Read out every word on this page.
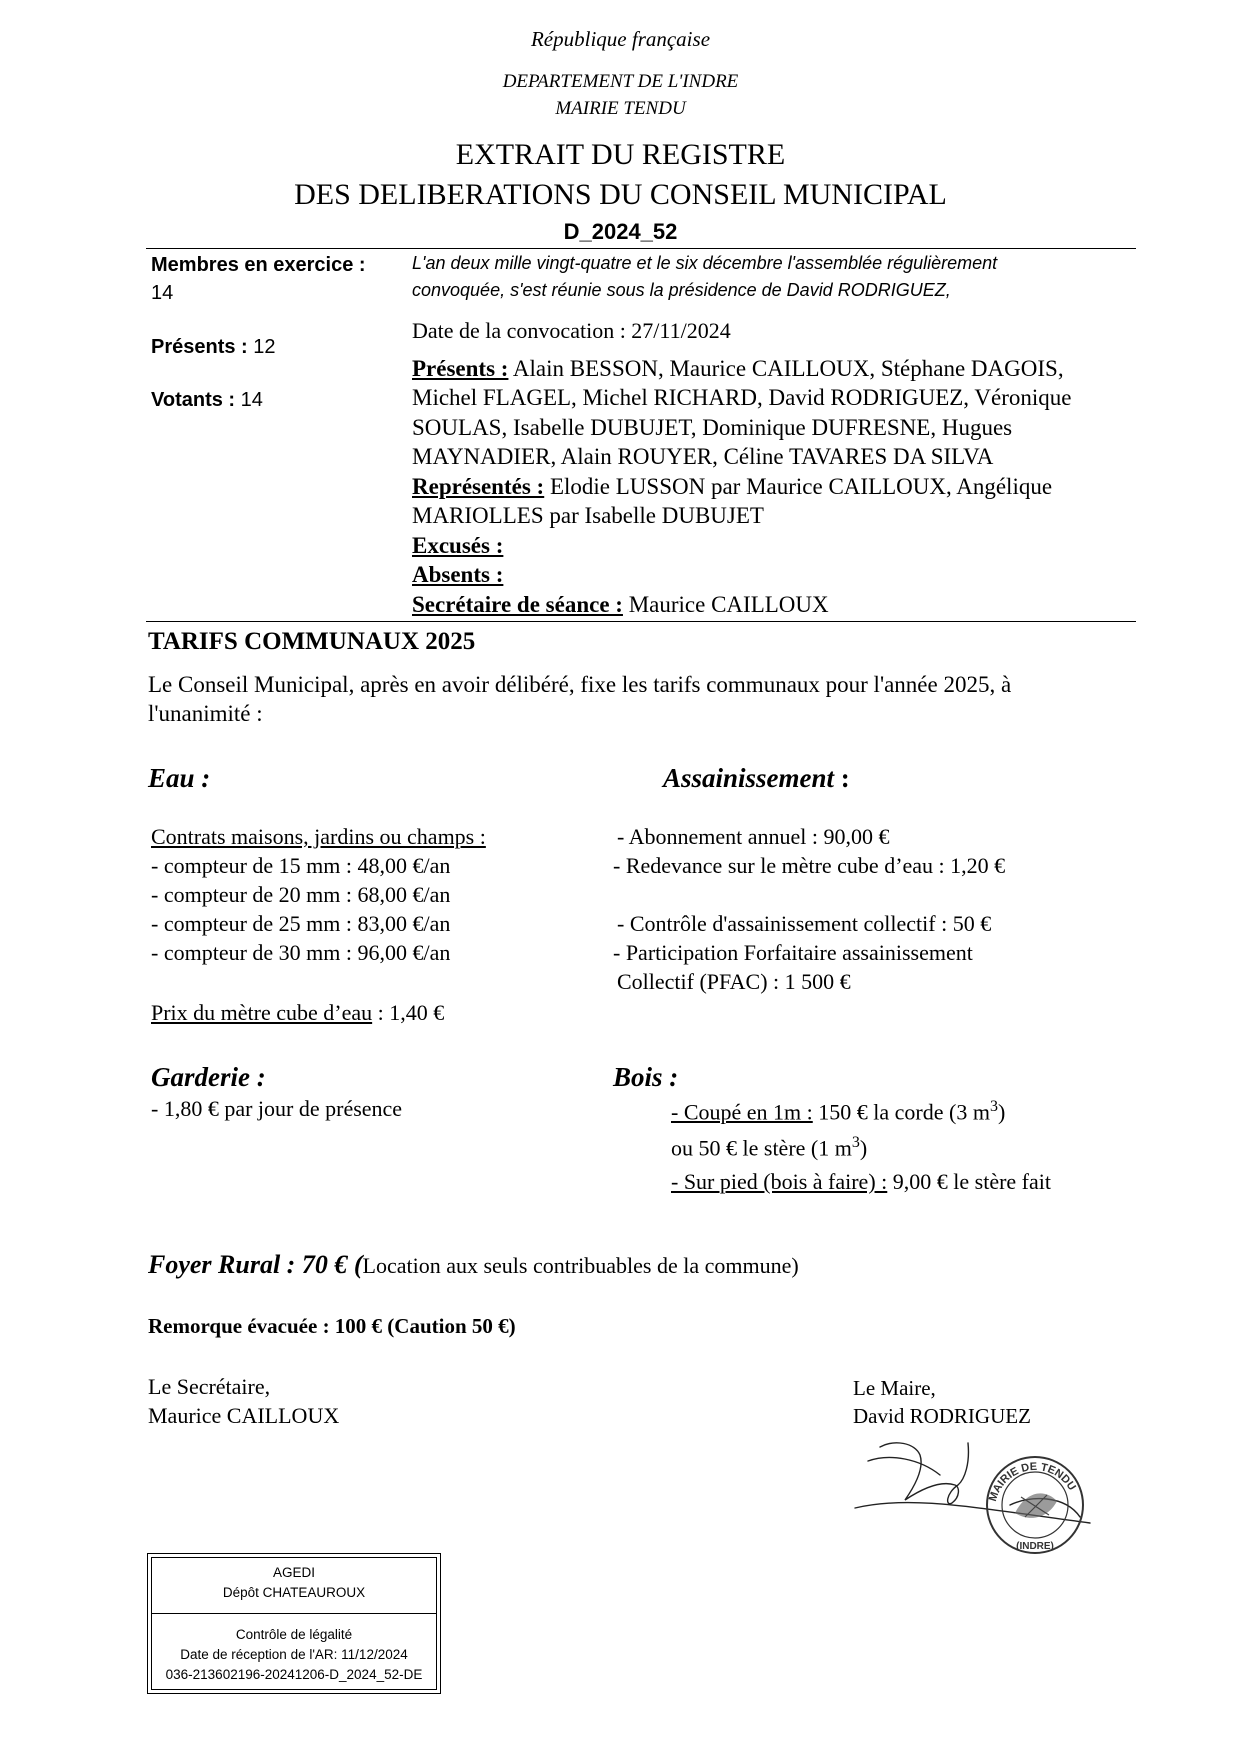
République française
DEPARTEMENT DE L'INDRE
MAIRIE TENDU
EXTRAIT DU REGISTRE
DES DELIBERATIONS DU CONSEIL MUNICIPAL
D_2024_52
Membres en exercice :
14
Présents : 12
Votants : 14
L'an deux mille vingt-quatre et le six décembre l'assemblée régulièrement
convoquée, s'est réunie sous la présidence de David RODRIGUEZ,
Date de la convocation : 27/11/2024
Présents : Alain BESSON, Maurice CAILLOUX, Stéphane DAGOIS,
Michel FLAGEL, Michel RICHARD, David RODRIGUEZ, Véronique
SOULAS, Isabelle DUBUJET, Dominique DUFRESNE, Hugues
MAYNADIER, Alain ROUYER, Céline TAVARES DA SILVA
Représentés : Elodie LUSSON par Maurice CAILLOUX, Angélique
MARIOLLES par Isabelle DUBUJET
Excusés :
Absents :
Secrétaire de séance : Maurice CAILLOUX
TARIFS COMMUNAUX 2025
Le Conseil Municipal, après en avoir délibéré, fixe les tarifs communaux pour l'année 2025, à
l'unanimité :
Eau :
Contrats maisons, jardins ou champs :
- compteur de 15 mm : 48,00 €/an
- compteur de 20 mm : 68,00 €/an
- compteur de 25 mm : 83,00 €/an
- compteur de 30 mm : 96,00 €/an
Prix du mètre cube d’eau : 1,40 €
Assainissement :
- Abonnement annuel : 90,00 €
- Redevance sur le mètre cube d’eau : 1,20 €
- Contrôle d'assainissement collectif : 50 €
- Participation Forfaitaire assainissement
Collectif (PFAC) : 1 500 €
Garderie :
- 1,80 € par jour de présence
Bois :
- Coupé en 1m : 150 € la corde (3 $m^3$)
ou 50 € le stère (1 $m^3$)
- Sur pied (bois à faire) : 9,00 € le stère fait
Foyer Rural : 70 € (Location aux seuls contribuables de la commune)
Remorque évacuée : 100 € (Caution 50 €)
Le Secrétaire,
Maurice CAILLOUX
Le Maire,
David RODRIGUEZ
MAIRIE DE TENDU
(INDRE)
AGEDI
Dépôt CHATEAUROUX
Contrôle de légalité
Date de réception de l'AR: 11/12/2024
036-213602196-20241206-D_2024_52-DE
